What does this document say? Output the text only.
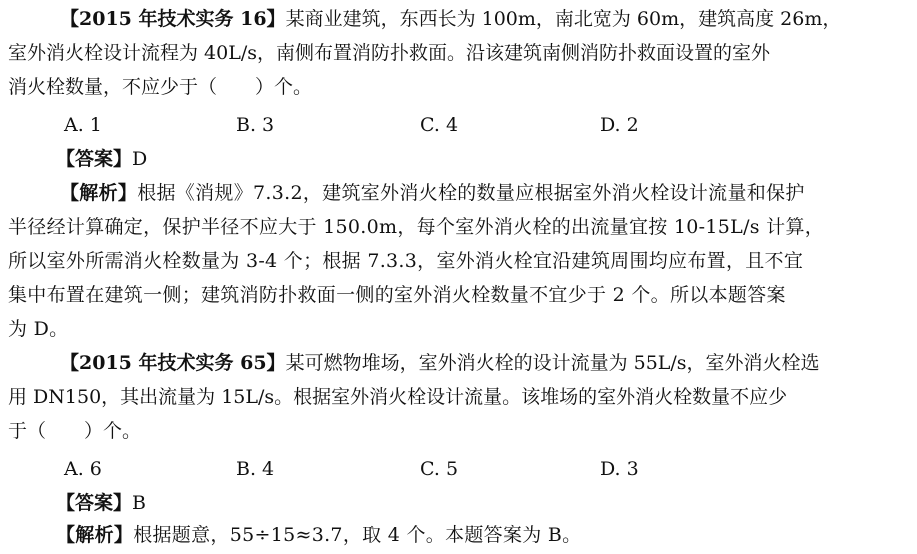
【2015 年技术实务 16】某商业建筑，东西长为 100m，南北宽为 60m，建筑高度 26m，
室外消火栓设计流程为 40L/s，南侧布置消防扑救面。沿该建筑南侧消防扑救面设置的室外
消火栓数量，不应少于（　　）个。
A. 1	B. 3	C. 4	D. 2
【答案】D
【解析】根据《消规》7.3.2，建筑室外消火栓的数量应根据室外消火栓设计流量和保护
半径经计算确定，保护半径不应大于 150.0m，每个室外消火栓的出流量宜按 10-15L/s 计算，
所以室外所需消火栓数量为 3-4 个；根据 7.3.3，室外消火栓宜沿建筑周围均应布置，且不宜
集中布置在建筑一侧；建筑消防扑救面一侧的室外消火栓数量不宜少于 2 个。所以本题答案
为 D。
【2015 年技术实务 65】某可燃物堆场，室外消火栓的设计流量为 55L/s，室外消火栓选
用 DN150，其出流量为 15L/s。根据室外消火栓设计流量。该堆场的室外消火栓数量不应少
于（　　）个。
A. 6	B. 4	C. 5	D. 3
【答案】B
【解析】根据题意，55÷15≈3.7，取 4 个。本题答案为 B。
